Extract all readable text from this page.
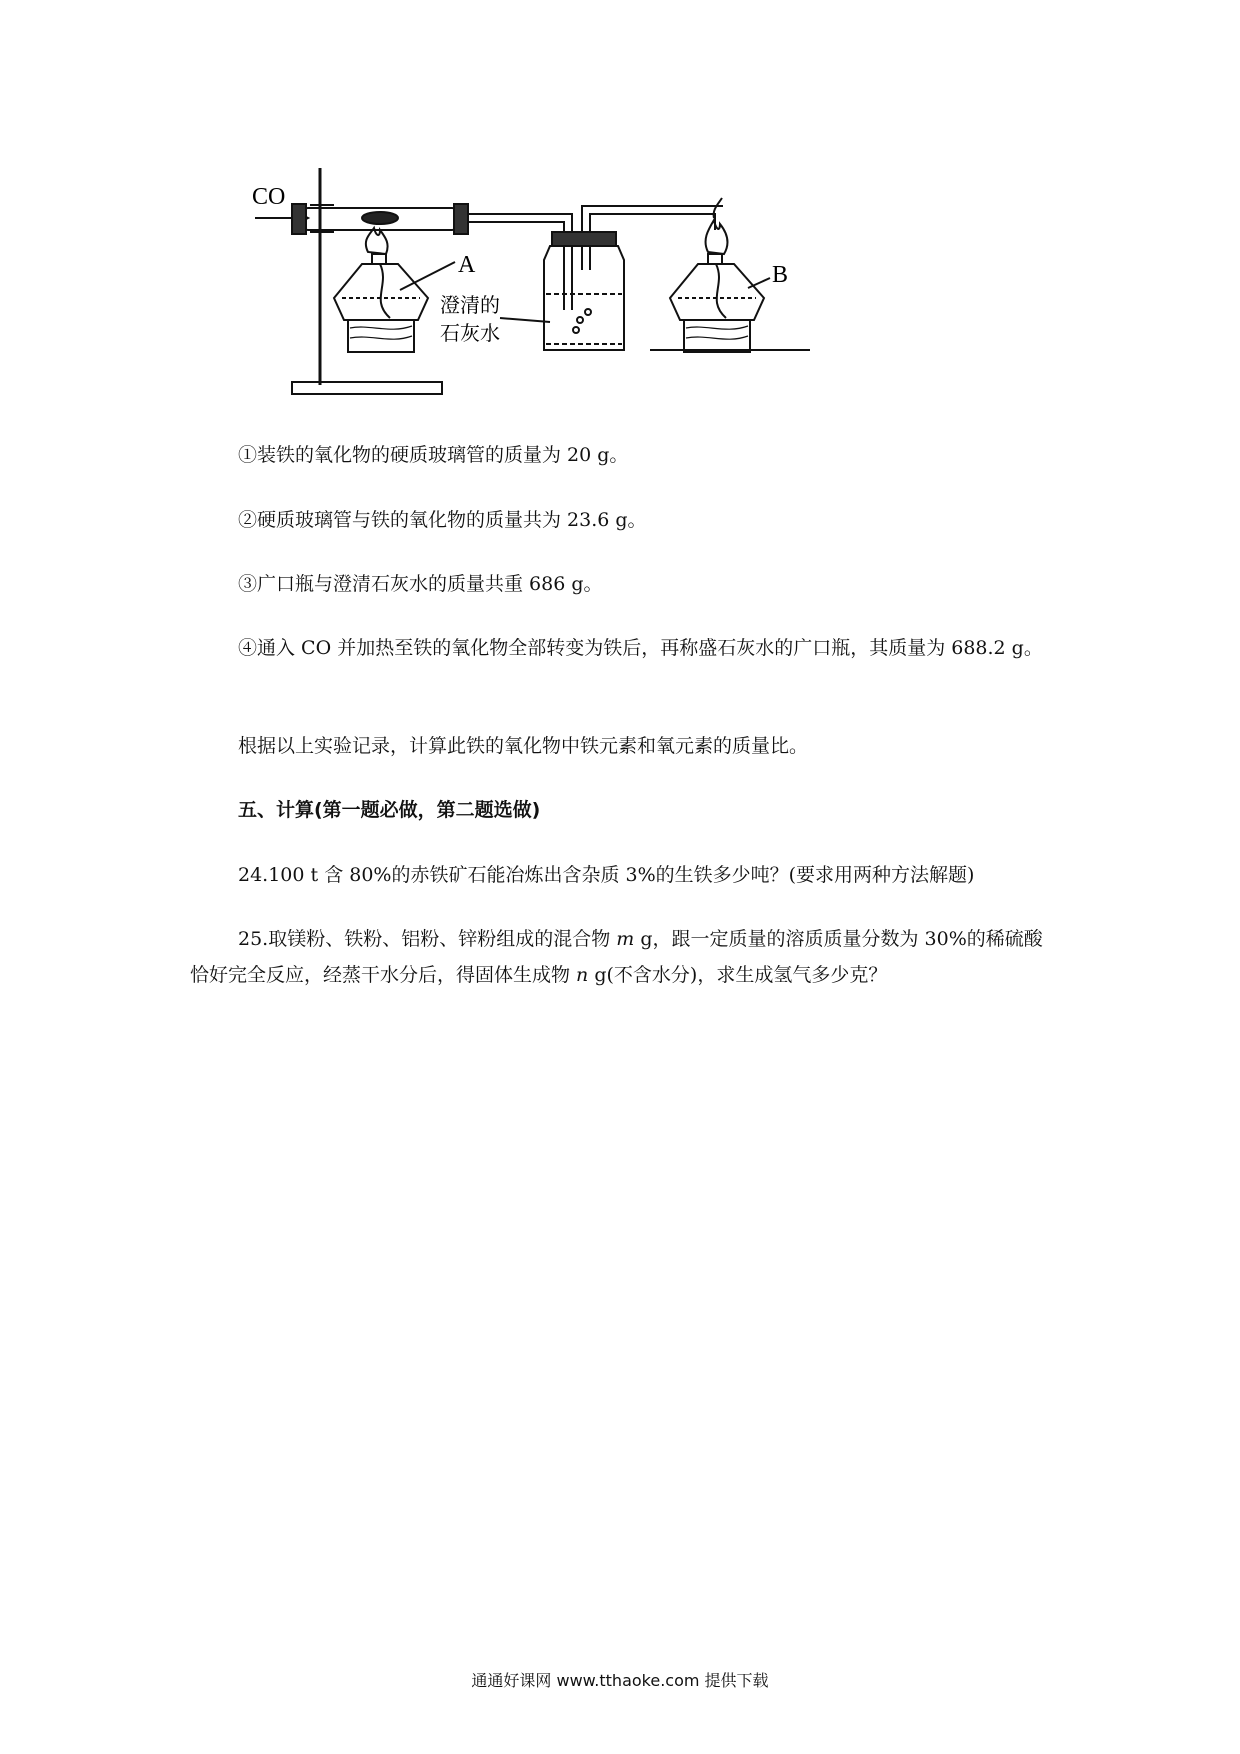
CO
A	B
澄清的
石灰水

①装铁的氧化物的硬质玻璃管的质量为 20 g。

②硬质玻璃管与铁的氧化物的质量共为 23.6 g。

③广口瓶与澄清石灰水的质量共重 686 g。

④通入 CO 并加热至铁的氧化物全部转变为铁后，再称盛石灰水的广口瓶，其质量为 688.2 g。

根据以上实验记录，计算此铁的氧化物中铁元素和氧元素的质量比。

五、计算(第一题必做，第二题选做)

24.100 t 含 80%的赤铁矿石能冶炼出含杂质 3%的生铁多少吨？(要求用两种方法解题)

25.取镁粉、铁粉、铝粉、锌粉组成的混合物 m g，跟一定质量的溶质质量分数为 30%的稀硫酸恰好完全反应，经蒸干水分后，得固体生成物 n g(不含水分)，求生成氢气多少克？

通通好课网 www.tthaoke.com 提供下载
